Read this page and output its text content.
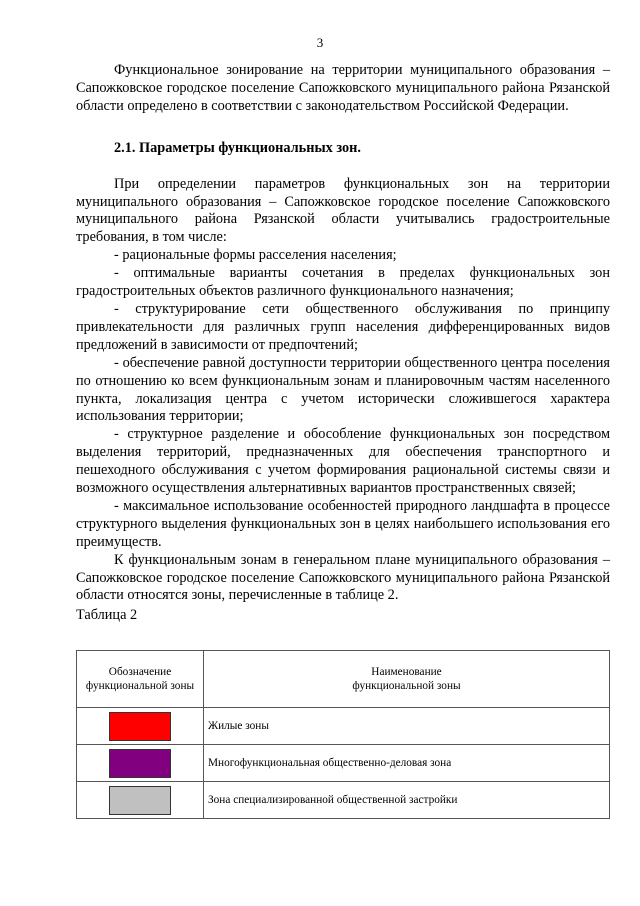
3

Функциональное зонирование на территории муниципального образования – Сапожковское городское поселение Сапожковского муниципального района Рязанской области определено в соответствии с законодательством Российской Федерации.

2.1. Параметры функциональных зон.

При определении параметров функциональных зон на территории муниципального образования – Сапожковское городское поселение Сапожковского муниципального района Рязанской области учитывались градостроительные требования, в том числе:

- рациональные формы расселения населения;

- оптимальные варианты сочетания в пределах функциональных зон градостроительных объектов различного функционального назначения;

- структурирование сети общественного обслуживания по принципу привлекательности для различных групп населения дифференцированных видов предложений в зависимости от предпочтений;

- обеспечение равной доступности территории общественного центра поселения по отношению ко всем функциональным зонам и планировочным частям населенного пункта, локализация центра с учетом исторически сложившегося характера использования территории;

- структурное разделение и обособление функциональных зон посредством выделения территорий, предназначенных для обеспечения транспортного и пешеходного обслуживания с учетом формирования рациональной системы связи и возможного осуществления альтернативных вариантов пространственных связей;

- максимальное использование особенностей природного ландшафта в процессе структурного выделения функциональных зон в целях наибольшего использования его преимуществ.

К функциональным зонам в генеральном плане муниципального образования – Сапожковское городское поселение Сапожковского муниципального района Рязанской области относятся зоны, перечисленные в таблице 2.

Таблица 2

Обозначение функциональной зоны	Наименование функциональной зоны

	Жилые зоны
	Многофункциональная общественно-деловая зона
	Зона специализированной общественной застройки
